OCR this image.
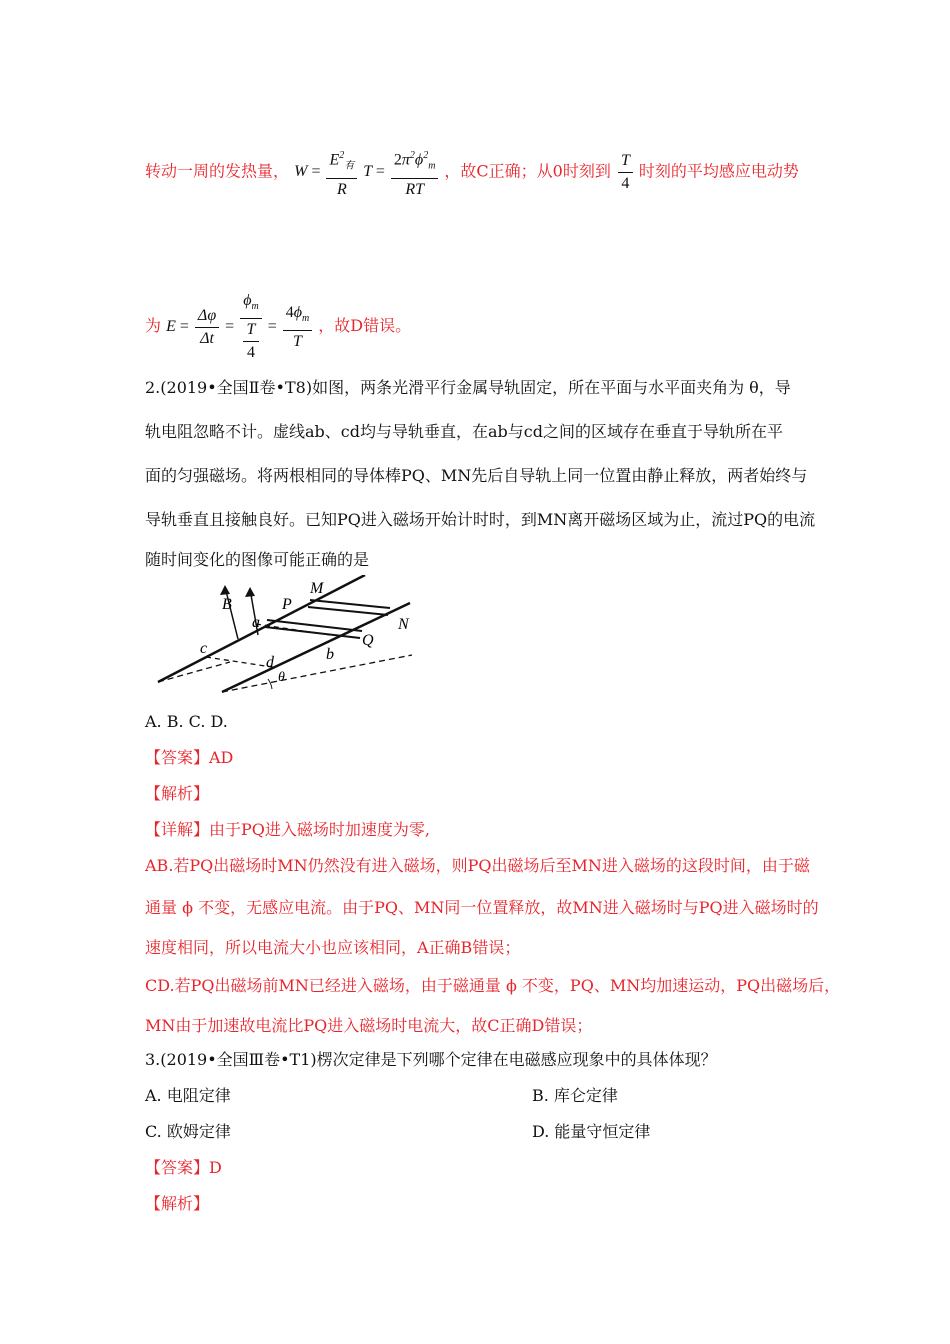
转动一周的发热量， $W = \frac{E^2_有}{R}$ $T = \frac{2\pi^2\phi^2_m}{RT}$ ，故C正确；从0时刻到 $\frac{T}{4}$ 时刻的平均感应电动势
为 $E = \frac{\Delta\varphi}{\Delta t} = \phi_m$
T
$4 = \frac{4\phi_m}{T}$ ，故D错误。
2.(2019•全国Ⅱ卷•T8)如图，两条光滑平行金属导轨固定，所在平面与水平面夹角为 θ，导
轨电阻忽略不计。虚线ab、cd均与导轨垂直，在ab与cd之间的区域存在垂直于导轨所在平
面的匀强磁场。将两根相同的导体棒PQ、MN先后自导轨上同一位置由静止释放，两者始终与
导轨垂直且接触良好。已知PQ进入磁场开始计时时，到MN离开磁场区域为止，流过PQ的电流
随时间变化的图像可能正确的是
B
M
P
N
a
Q
c
d	b
θ
A. B. C. D.
【答案】AD
【解析】
【详解】由于PQ进入磁场时加速度为零,
AB.若PQ出磁场时MN仍然没有进入磁场，则PQ出磁场后至MN进入磁场的这段时间，由于磁
通量 ϕ 不变，无感应电流。由于PQ、MN同一位置释放，故MN进入磁场时与PQ进入磁场时的
速度相同，所以电流大小也应该相同，A正确B错误；
CD.若PQ出磁场前MN已经进入磁场，由于磁通量 ϕ 不变，PQ、MN均加速运动，PQ出磁场后，
MN由于加速故电流比PQ进入磁场时电流大，故C正确D错误；
3.(2019•全国Ⅲ卷•T1)楞次定律是下列哪个定律在电磁感应现象中的具体体现？
A. 电阻定律	B. 库仑定律
C. 欧姆定律	D. 能量守恒定律
【答案】D
【解析】
